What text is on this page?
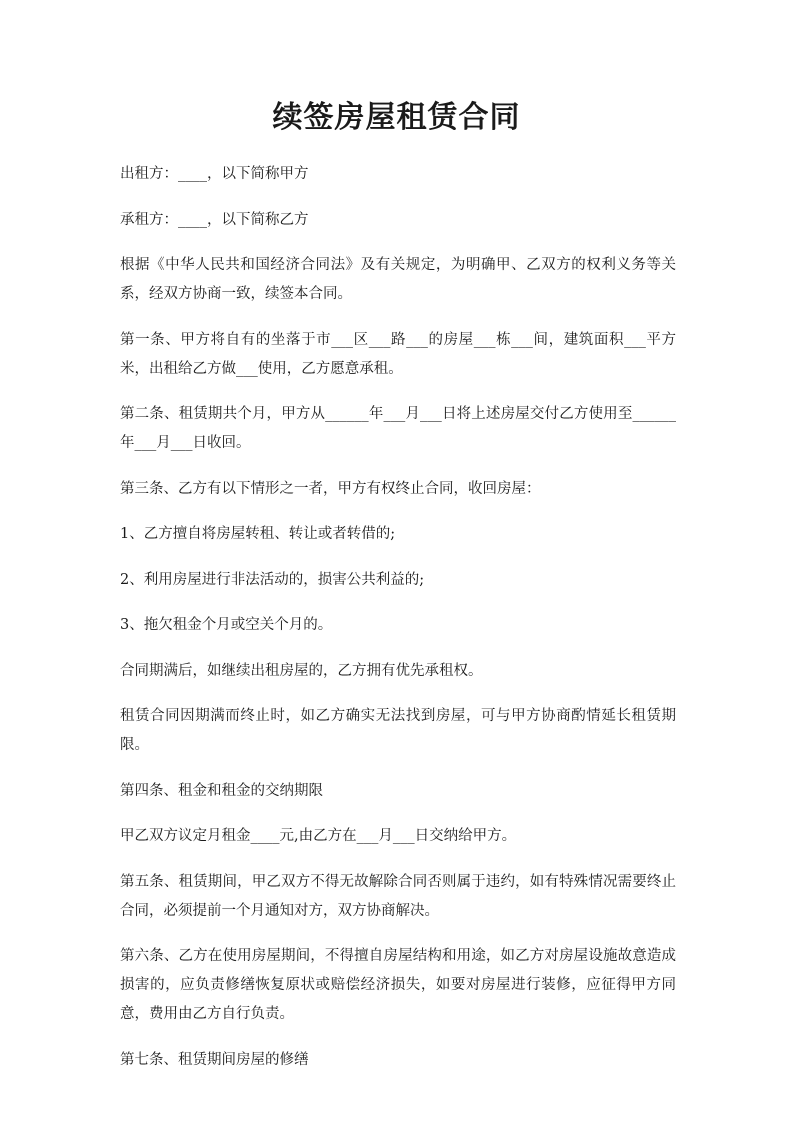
续签房屋租赁合同

出租方：____，以下简称甲方

承租方：____，以下简称乙方

根据《中华人民共和国经济合同法》及有关规定，为明确甲、乙双方的权利义务等关系，经双方协商一致，续签本合同。

第一条、甲方将自有的坐落于市___区___路___的房屋___栋___间，建筑面积___平方米，出租给乙方做___使用，乙方愿意承租。

第二条、租赁期共个月，甲方从______年___月___日将上述房屋交付乙方使用至______年___月___日收回。

第三条、乙方有以下情形之一者，甲方有权终止合同，收回房屋：

1、乙方擅自将房屋转租、转让或者转借的;

2、利用房屋进行非法活动的，损害公共利益的;

3、拖欠租金个月或空关个月的。

合同期满后，如继续出租房屋的，乙方拥有优先承租权。

租赁合同因期满而终止时，如乙方确实无法找到房屋，可与甲方协商酌情延长租赁期限。

第四条、租金和租金的交纳期限

甲乙双方议定月租金____元,由乙方在___月___日交纳给甲方。

第五条、租赁期间，甲乙双方不得无故解除合同否则属于违约，如有特殊情况需要终止合同，必须提前一个月通知对方，双方协商解决。

第六条、乙方在使用房屋期间，不得擅自房屋结构和用途，如乙方对房屋设施故意造成损害的，应负责修缮恢复原状或赔偿经济损失，如要对房屋进行装修，应征得甲方同意，费用由乙方自行负责。

第七条、租赁期间房屋的修缮
